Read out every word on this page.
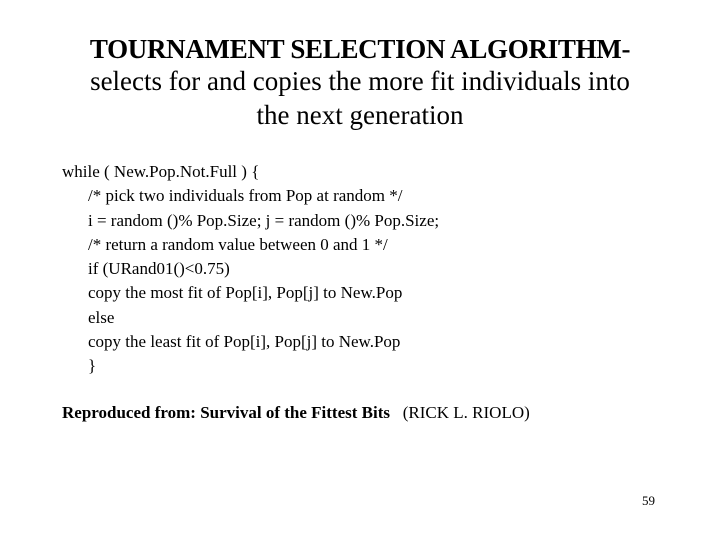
TOURNAMENT SELECTION ALGORITHM-
selects for and copies the more fit individuals into
the next generation
while ( New.Pop.Not.Full ) {
/* pick two individuals from Pop at random */
i = random ()% Pop.Size; j = random ()% Pop.Size;
/* return a random value between 0 and 1 */
if (URand01()<0.75)
copy the most fit of Pop[i], Pop[j] to New.Pop
else
copy the least fit of Pop[i], Pop[j] to New.Pop
}
Reproduced from: Survival of the Fittest Bits (RICK L. RIOLO)
59
